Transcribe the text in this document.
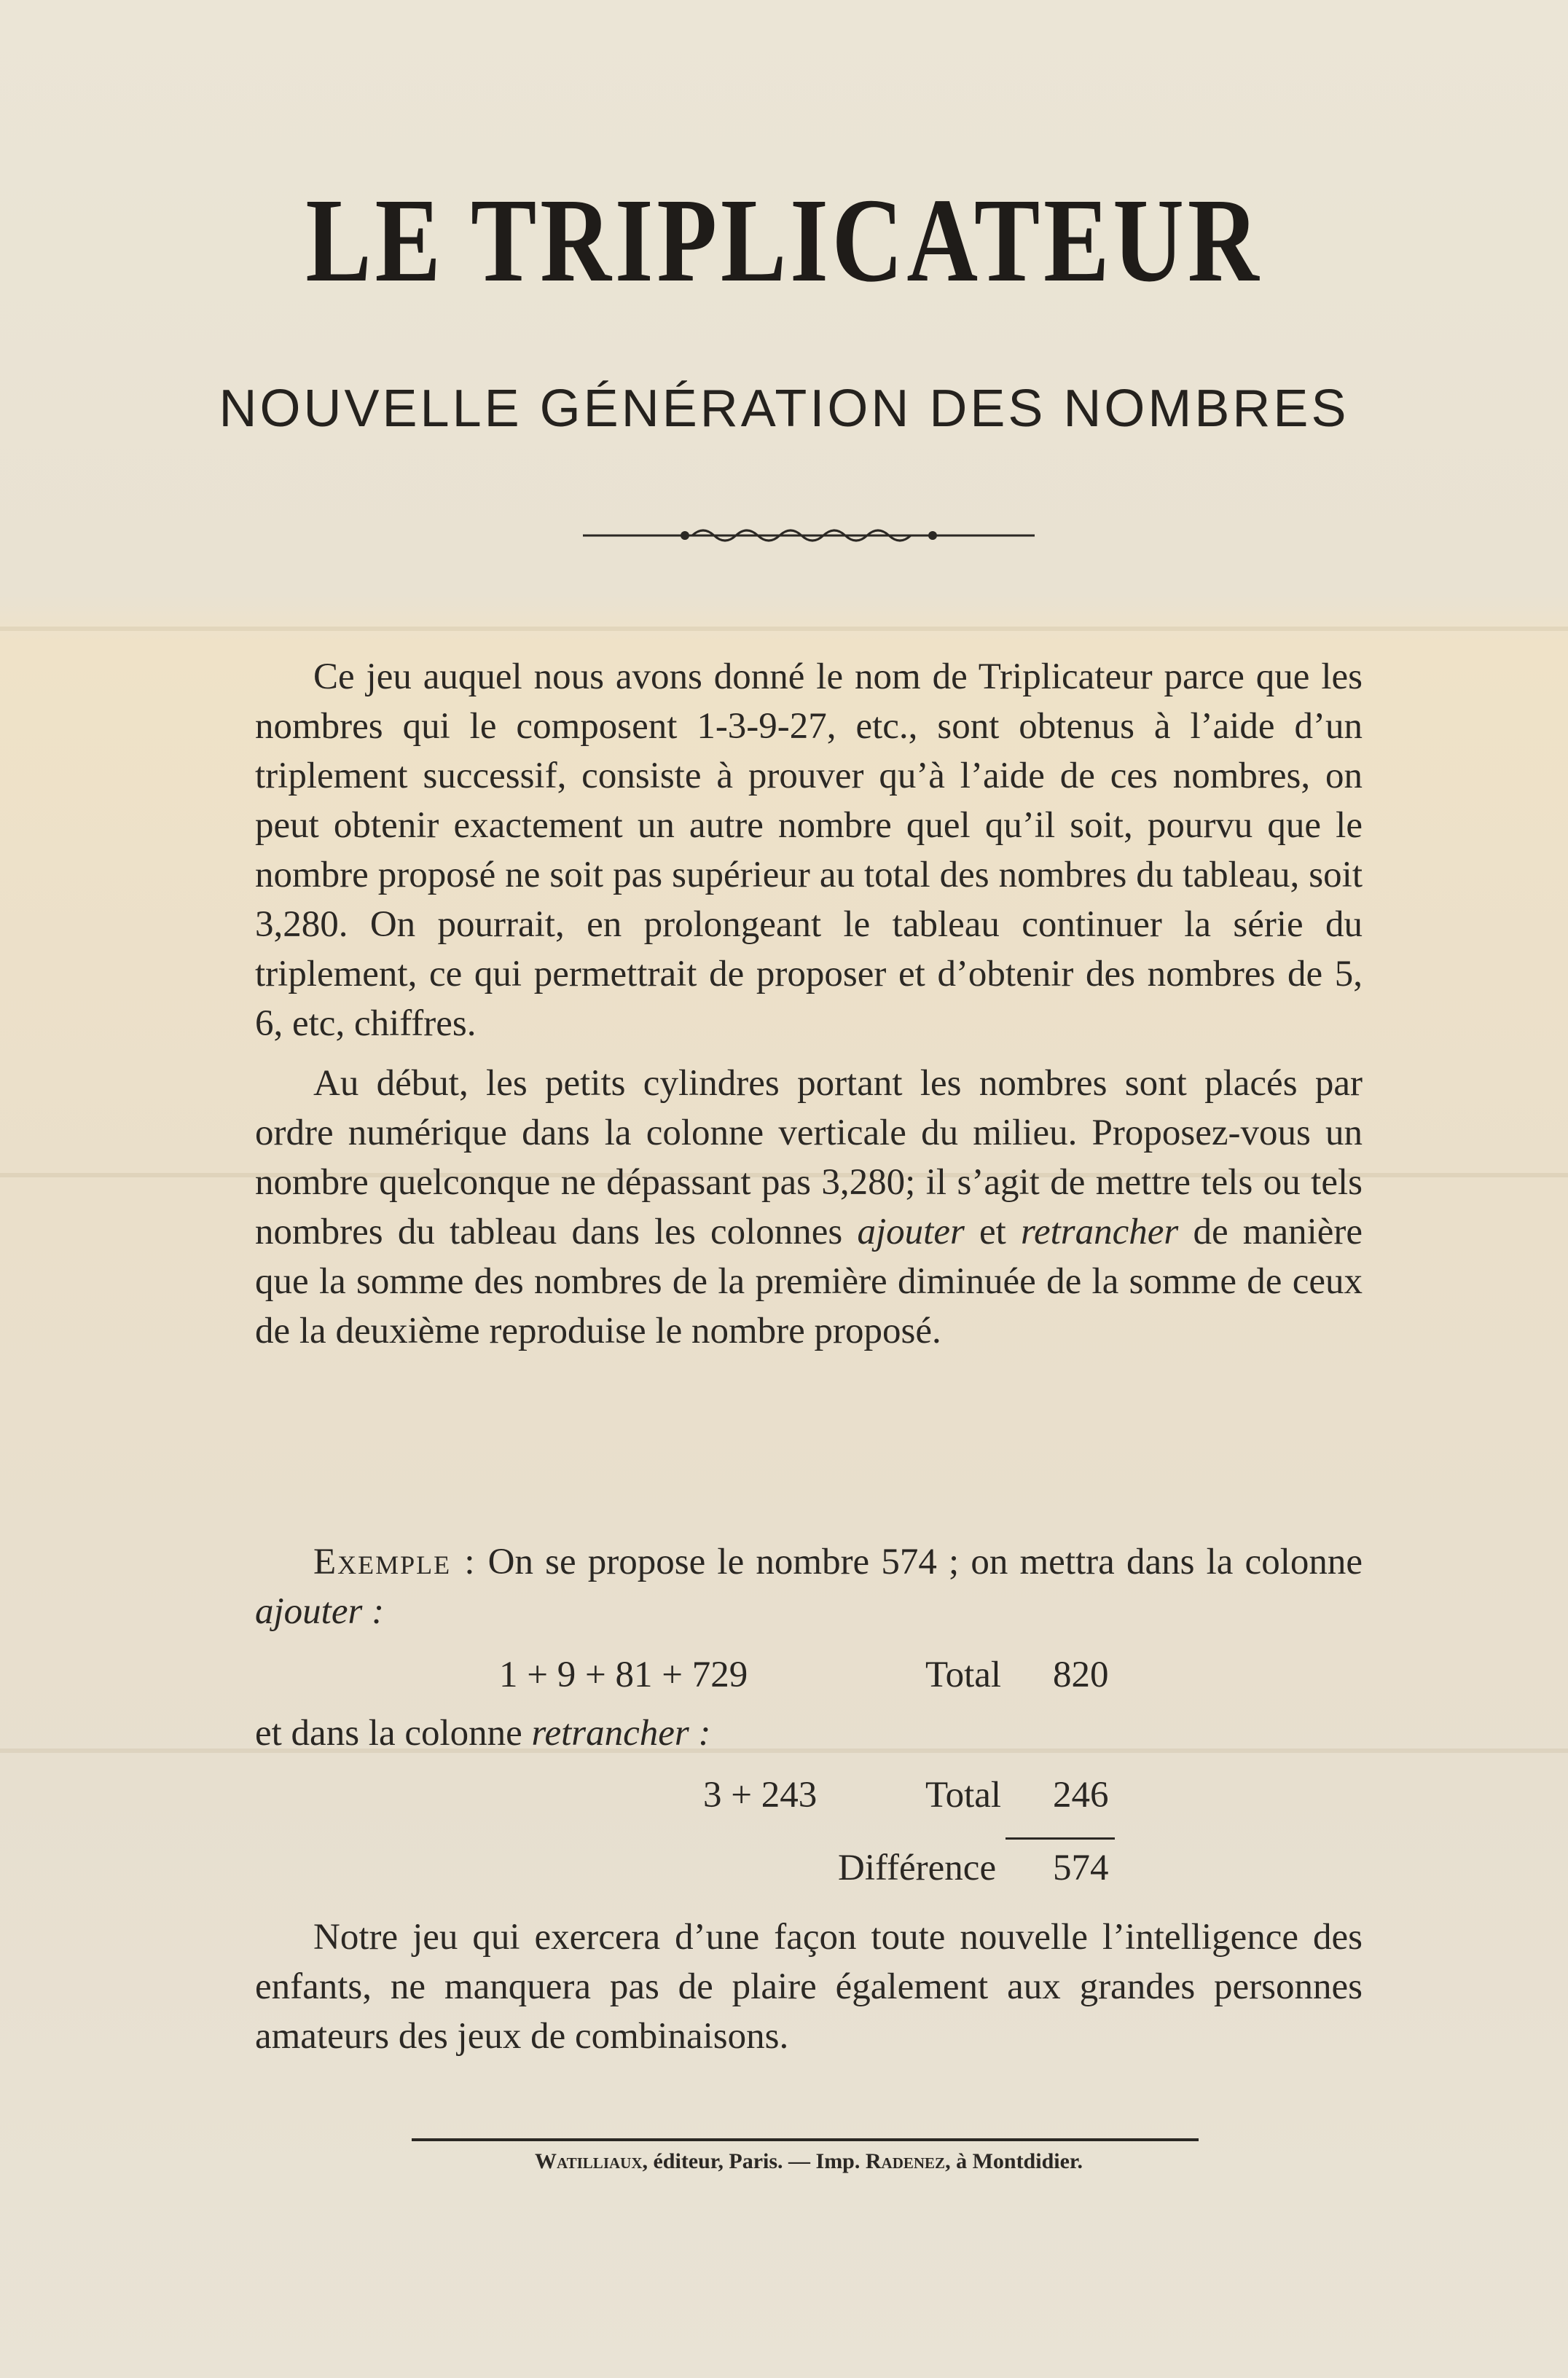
LE TRIPLICATEUR
NOUVELLE GÉNÉRATION DES NOMBRES

Ce jeu auquel nous avons donné le nom de Triplicateur parce que les nombres qui le composent 1-3-9-27, etc., sont obtenus à l’aide d’un triplement successif, consiste à prouver qu’à l’aide de ces nombres, on peut obtenir exactement un autre nombre quel qu’il soit, pourvu que le nombre proposé ne soit pas supérieur au total des nombres du tableau, soit 3,280. On pourrait, en prolongeant le tableau continuer la série du triplement, ce qui permettrait de proposer et d’obtenir des nombres de 5, 6, etc, chiffres.

Au début, les petits cylindres portant les nombres sont placés par ordre numérique dans la colonne verticale du milieu. Proposez-vous un nombre quelconque ne dépassant pas 3,280; il s’agit de mettre tels ou tels nombres du tableau dans les colonnes ajouter et retrancher de manière que la somme des nombres de la première diminuée de la somme de ceux de la deuxième reproduise le nombre proposé.

Exemple : On se propose le nombre 574 ; on mettra dans la colonne ajouter :
1 + 9 + 81 + 729	Total 820
et dans la colonne retrancher :
3 + 243	Total 246
Différence 574

Notre jeu qui exercera d’une façon toute nouvelle l’intelligence des enfants, ne manquera pas de plaire également aux grandes personnes amateurs des jeux de combinaisons.

Watilliaux, éditeur, Paris. — Imp. Radenez, à Montdidier.
